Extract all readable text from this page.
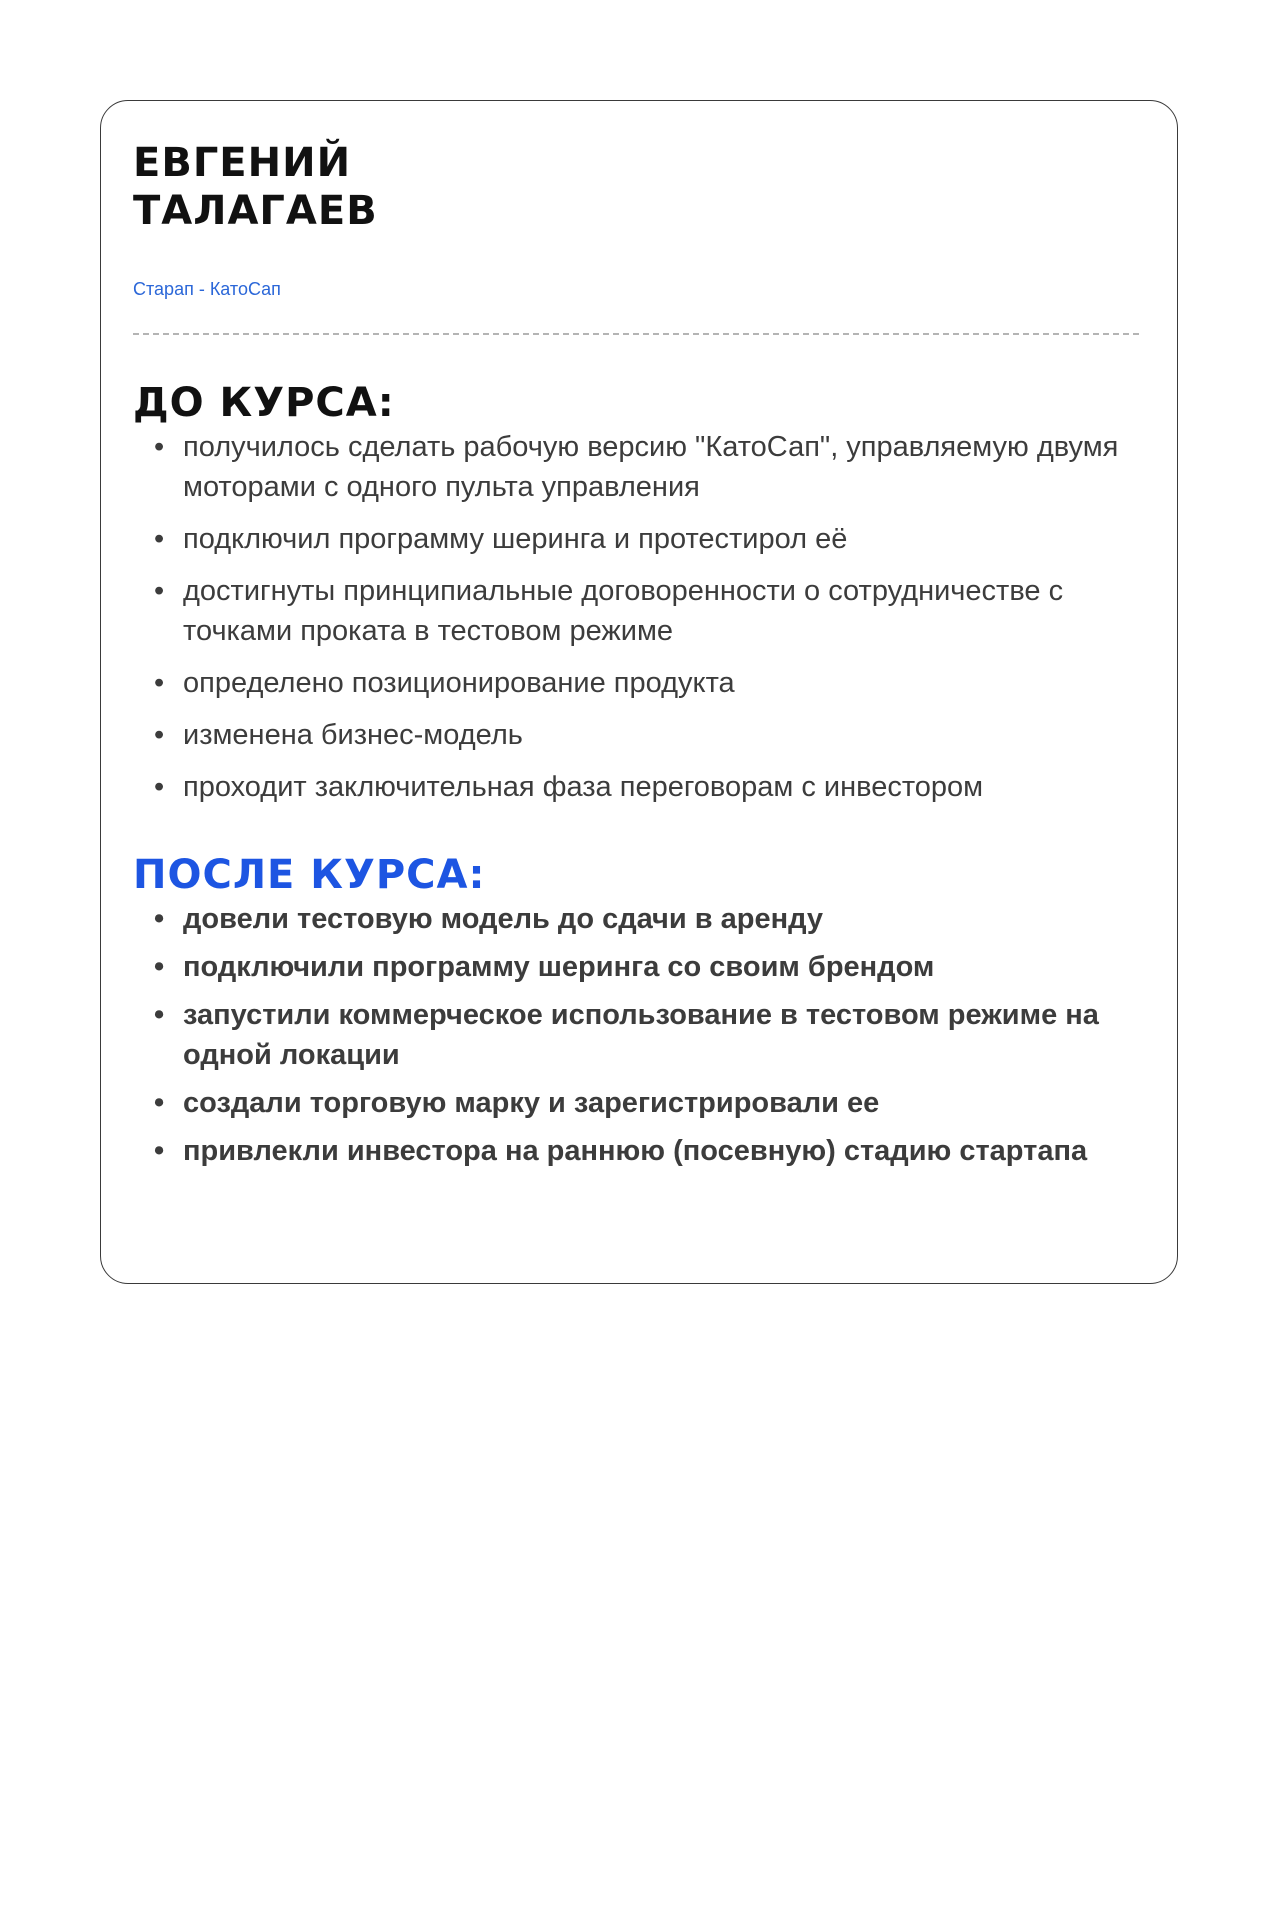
ЕВГЕНИЙ
ТАЛАГАЕВ
Старап - КатоСап
ДО КУРСА:
• получилось сделать рабочую версию "КатоСап", управляемую двумя моторами с одного пульта управления
• подключил программу шеринга и протестирол её
• достигнуты принципиальные договоренности о сотрудничестве с точками проката в тестовом режиме
• определено позиционирование продукта
• изменена бизнес-модель
• проходит заключительная фаза переговорам с инвестором
ПОСЛЕ КУРСА:
• довели тестовую модель до сдачи в аренду
• подключили программу шеринга со своим брендом
• запустили коммерческое использование в тестовом режиме на одной локации
• создали торговую марку и зарегистрировали ее
• привлекли инвестора на раннюю (посевную) стадию стартапа
